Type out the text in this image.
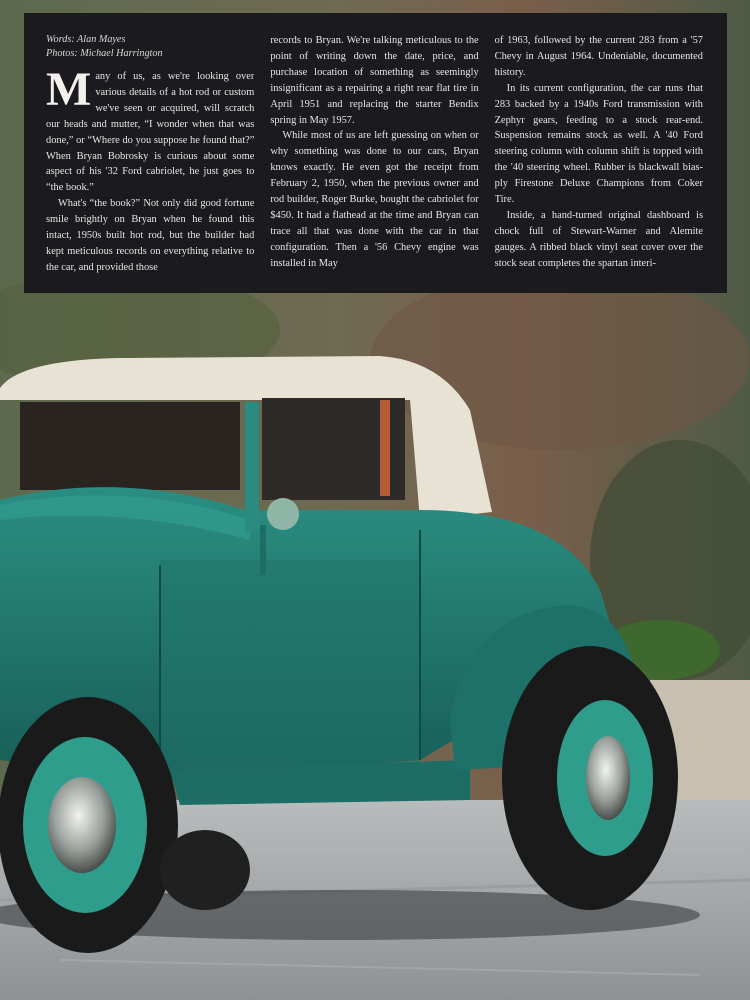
Words: Alan Mayes
Photos: Michael Harrington

Many of us, as we're looking over various details of a hot rod or custom we've seen or acquired, will scratch our heads and mutter, “I wonder when that was done,” or “Where do you suppose he found that?” When Bryan Bobrosky is curious about some aspect of his '32 Ford cabriolet, he just goes to “the book.”

What's “the book?” Not only did good fortune smile brightly on Bryan when he found this intact, 1950s built hot rod, but the builder had kept meticulous records on everything relative to the car, and provided those

records to Bryan. We're talking meticulous to the point of writing down the date, price, and purchase location of something as seemingly insignificant as a repairing a right rear flat tire in April 1951 and replacing the starter Bendix spring in May 1957.

While most of us are left guessing on when or why something was done to our cars, Bryan knows exactly. He even got the receipt from February 2, 1950, when the previous owner and rod builder, Roger Burke, bought the cabriolet for $450. It had a flathead at the time and Bryan can trace all that was done with the car in that configuration. Then a '56 Chevy engine was installed in May

of 1963, followed by the current 283 from a '57 Chevy in August 1964. Undeniable, documented history.

In its current configuration, the car runs that 283 backed by a 1940s Ford transmission with Zephyr gears, feeding to a stock rear-end. Suspension remains stock as well. A '40 Ford steering column with column shift is topped with the '40 steering wheel. Rubber is blackwall bias-ply Firestone Deluxe Champions from Coker Tire.

Inside, a hand-turned original dashboard is chock full of Stewart-Warner and Alemite gauges. A ribbed black vinyl seat cover over the stock seat completes the spartan interi-
